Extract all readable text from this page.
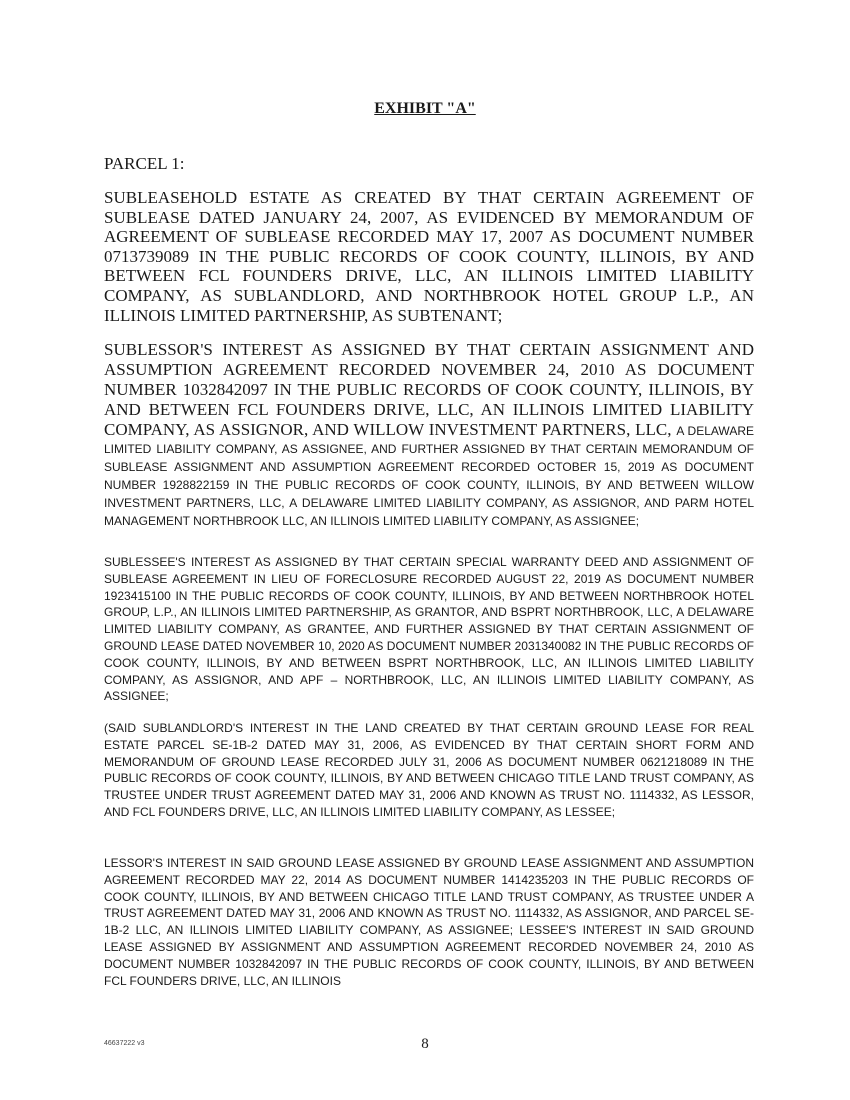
EXHIBIT "A"
PARCEL 1:
SUBLEASEHOLD ESTATE AS CREATED BY THAT CERTAIN AGREEMENT OF SUBLEASE DATED JANUARY 24, 2007, AS EVIDENCED BY MEMORANDUM OF AGREEMENT OF SUBLEASE RECORDED MAY 17, 2007 AS DOCUMENT NUMBER 0713739089 IN THE PUBLIC RECORDS OF COOK COUNTY, ILLINOIS, BY AND BETWEEN FCL FOUNDERS DRIVE, LLC, AN ILLINOIS LIMITED LIABILITY COMPANY, AS SUBLANDLORD, AND NORTHBROOK HOTEL GROUP L.P., AN ILLINOIS LIMITED PARTNERSHIP, AS SUBTENANT;
SUBLESSOR'S INTEREST AS ASSIGNED BY THAT CERTAIN ASSIGNMENT AND ASSUMPTION AGREEMENT RECORDED NOVEMBER 24, 2010 AS DOCUMENT NUMBER 1032842097 IN THE PUBLIC RECORDS OF COOK COUNTY, ILLINOIS, BY AND BETWEEN FCL FOUNDERS DRIVE, LLC, AN ILLINOIS LIMITED LIABILITY COMPANY, AS ASSIGNOR, AND WILLOW INVESTMENT PARTNERS, LLC, A DELAWARE LIMITED LIABILITY COMPANY, AS ASSIGNEE, AND FURTHER ASSIGNED BY THAT CERTAIN MEMORANDUM OF SUBLEASE ASSIGNMENT AND ASSUMPTION AGREEMENT RECORDED OCTOBER 15, 2019 AS DOCUMENT NUMBER 1928822159 IN THE PUBLIC RECORDS OF COOK COUNTY, ILLINOIS, BY AND BETWEEN WILLOW INVESTMENT PARTNERS, LLC, A DELAWARE LIMITED LIABILITY COMPANY, AS ASSIGNOR, AND PARM HOTEL MANAGEMENT NORTHBROOK LLC, AN ILLINOIS LIMITED LIABILITY COMPANY, AS ASSIGNEE;
SUBLESSEE'S INTEREST AS ASSIGNED BY THAT CERTAIN SPECIAL WARRANTY DEED AND ASSIGNMENT OF SUBLEASE AGREEMENT IN LIEU OF FORECLOSURE RECORDED AUGUST 22, 2019 AS DOCUMENT NUMBER 1923415100 IN THE PUBLIC RECORDS OF COOK COUNTY, ILLINOIS, BY AND BETWEEN NORTHBROOK HOTEL GROUP, L.P., AN ILLINOIS LIMITED PARTNERSHIP, AS GRANTOR, AND BSPRT NORTHBROOK, LLC, A DELAWARE LIMITED LIABILITY COMPANY, AS GRANTEE, AND FURTHER ASSIGNED BY THAT CERTAIN ASSIGNMENT OF GROUND LEASE DATED NOVEMBER 10, 2020 AS DOCUMENT NUMBER 2031340082 IN THE PUBLIC RECORDS OF COOK COUNTY, ILLINOIS, BY AND BETWEEN BSPRT NORTHBROOK, LLC, AN ILLINOIS LIMITED LIABILITY COMPANY, AS ASSIGNOR, AND APF – NORTHBROOK, LLC, AN ILLINOIS LIMITED LIABILITY COMPANY, AS ASSIGNEE;
(SAID SUBLANDLORD'S INTEREST IN THE LAND CREATED BY THAT CERTAIN GROUND LEASE FOR REAL ESTATE PARCEL SE-1B-2 DATED MAY 31, 2006, AS EVIDENCED BY THAT CERTAIN SHORT FORM AND MEMORANDUM OF GROUND LEASE RECORDED JULY 31, 2006 AS DOCUMENT NUMBER 0621218089 IN THE PUBLIC RECORDS OF COOK COUNTY, ILLINOIS, BY AND BETWEEN CHICAGO TITLE LAND TRUST COMPANY, AS TRUSTEE UNDER TRUST AGREEMENT DATED MAY 31, 2006 AND KNOWN AS TRUST NO. 1114332, AS LESSOR, AND FCL FOUNDERS DRIVE, LLC, AN ILLINOIS LIMITED LIABILITY COMPANY, AS LESSEE;
LESSOR'S INTEREST IN SAID GROUND LEASE ASSIGNED BY GROUND LEASE ASSIGNMENT AND ASSUMPTION AGREEMENT RECORDED MAY 22, 2014 AS DOCUMENT NUMBER 1414235203 IN THE PUBLIC RECORDS OF COOK COUNTY, ILLINOIS, BY AND BETWEEN CHICAGO TITLE LAND TRUST COMPANY, AS TRUSTEE UNDER A TRUST AGREEMENT DATED MAY 31, 2006 AND KNOWN AS TRUST NO. 1114332, AS ASSIGNOR, AND PARCEL SE-1B-2 LLC, AN ILLINOIS LIMITED LIABILITY COMPANY, AS ASSIGNEE; LESSEE'S INTEREST IN SAID GROUND LEASE ASSIGNED BY ASSIGNMENT AND ASSUMPTION AGREEMENT RECORDED NOVEMBER 24, 2010 AS DOCUMENT NUMBER 1032842097 IN THE PUBLIC RECORDS OF COOK COUNTY, ILLINOIS, BY AND BETWEEN FCL FOUNDERS DRIVE, LLC, AN ILLINOIS
46637222 v3	8
